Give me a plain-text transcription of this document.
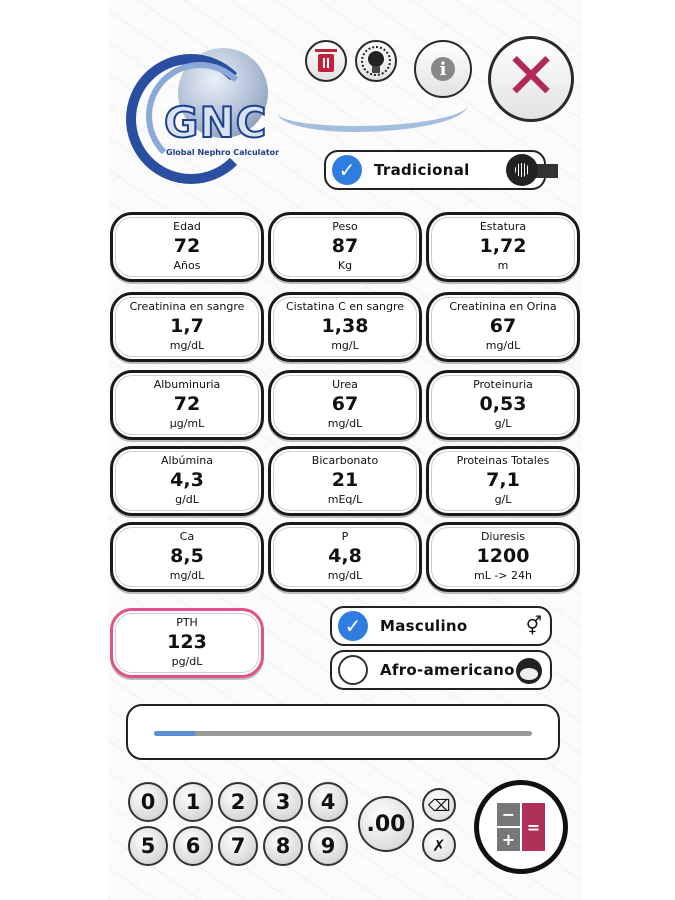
GNC
Global Nephro Calculator
i ✕
✓	Tradicional
Edad
72
Años
Peso
87
Kg
Estatura
1,72
m
Creatinina en sangre
1,7
mg/dL
Cistatina C en sangre
1,38
mg/L
Creatinina en Orina
67
mg/dL
Albuminuria
72
µg/mL
Urea
67
mg/dL
Proteinuria
0,53
g/L
Albúmina
4,3
g/dL
Bicarbonato
21
mEq/L
Proteinas Totales
7,1
g/L
Ca
8,5
mg/dL
P
4,8
mg/dL
Diuresis
1200
mL -> 24h
PTH
123
pg/dL
✓	Masculino	⚥
Afro-americano
0	1	2	3	4
5	6	7	8	9
.00
⌫
✗
−
=
+
